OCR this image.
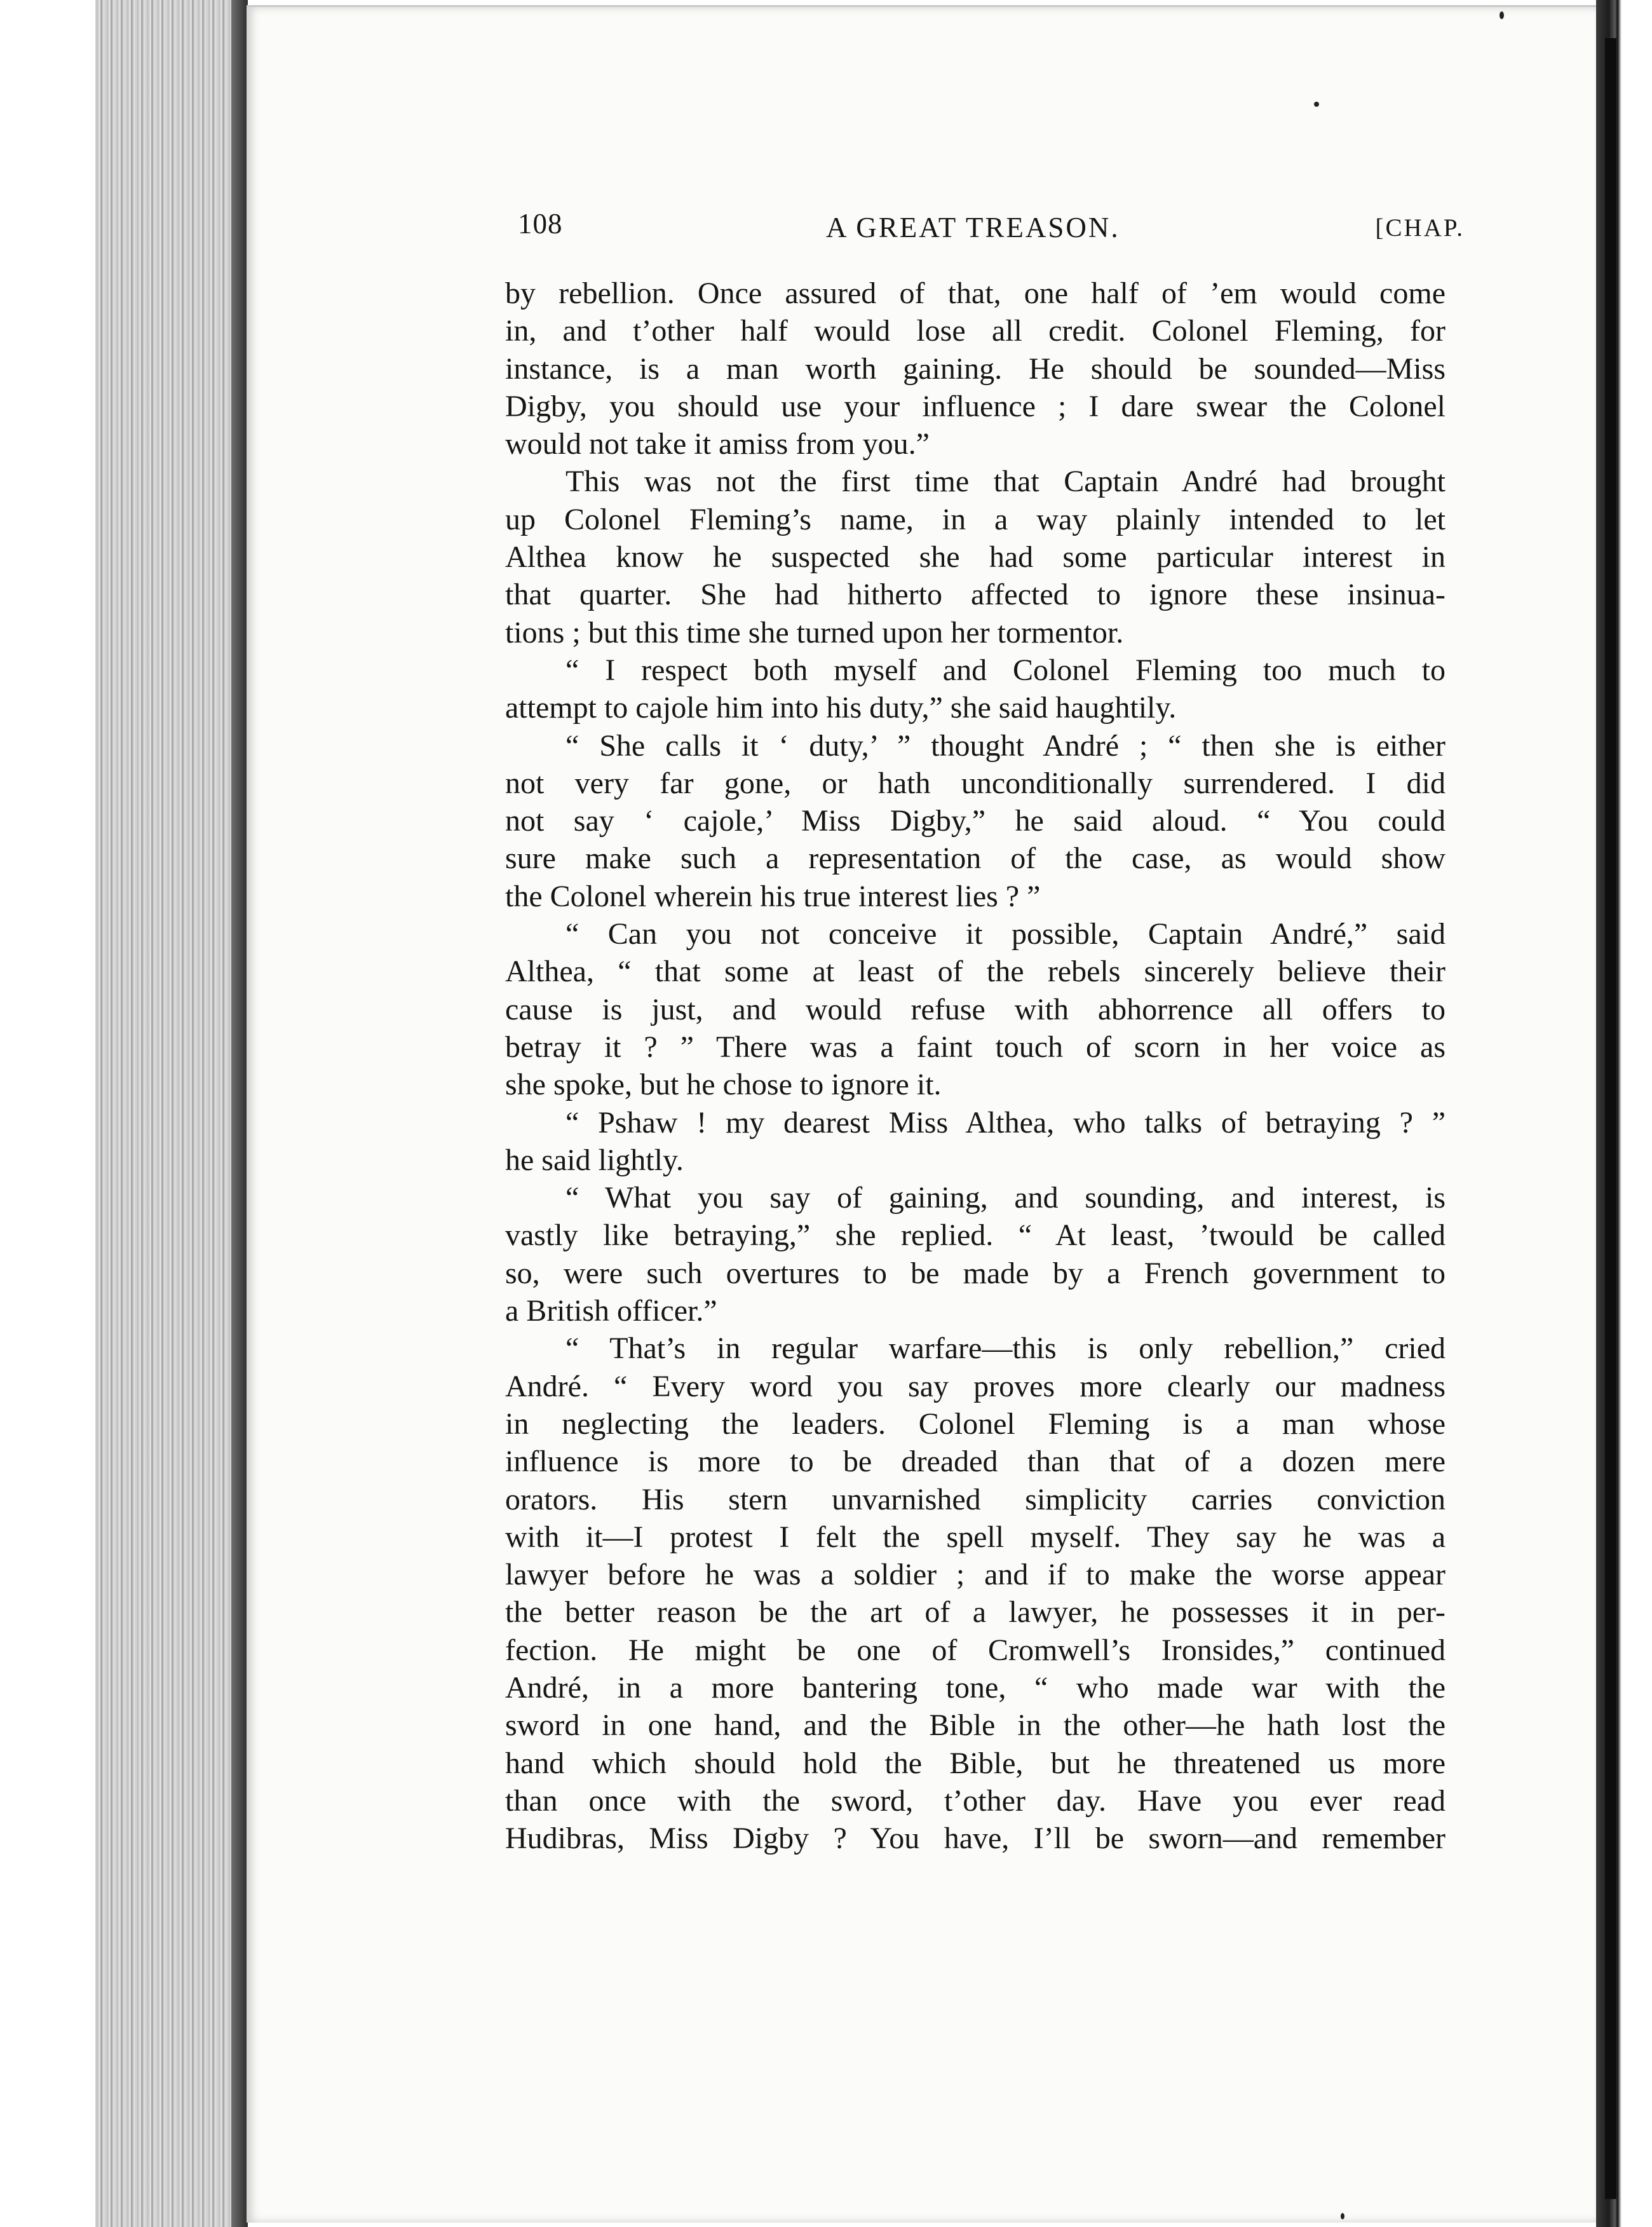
108	A GREAT TREASON.	[CHAP.
by rebellion. Once assured of that, one half of ’em would come
in, and t’other half would lose all credit. Colonel Fleming, for
instance, is a man worth gaining. He should be sounded—Miss
Digby, you should use your influence ; I dare swear the Colonel
would not take it amiss from you.”
This was not the first time that Captain André had brought
up Colonel Fleming’s name, in a way plainly intended to let
Althea know he suspected she had some particular interest in
that quarter. She had hitherto affected to ignore these insinua-
tions ; but this time she turned upon her tormentor.
“ I respect both myself and Colonel Fleming too much to
attempt to cajole him into his duty,” she said haughtily.
“ She calls it ‘ duty,’ ” thought André ; “ then she is either
not very far gone, or hath unconditionally surrendered. I did
not say ‘ cajole,’ Miss Digby,” he said aloud. “ You could
sure make such a representation of the case, as would show
the Colonel wherein his true interest lies ? ”
“ Can you not conceive it possible, Captain André,” said
Althea, “ that some at least of the rebels sincerely believe their
cause is just, and would refuse with abhorrence all offers to
betray it ? ” There was a faint touch of scorn in her voice as
she spoke, but he chose to ignore it.
“ Pshaw ! my dearest Miss Althea, who talks of betraying ? ”
he said lightly.
“ What you say of gaining, and sounding, and interest, is
vastly like betraying,” she replied. “ At least, ’twould be called
so, were such overtures to be made by a French government to
a British officer.”
“ That’s in regular warfare—this is only rebellion,” cried
André. “ Every word you say proves more clearly our madness
in neglecting the leaders. Colonel Fleming is a man whose
influence is more to be dreaded than that of a dozen mere
orators. His stern unvarnished simplicity carries conviction
with it—I protest I felt the spell myself. They say he was a
lawyer before he was a soldier ; and if to make the worse appear
the better reason be the art of a lawyer, he possesses it in per-
fection. He might be one of Cromwell’s Ironsides,” continued
André, in a more bantering tone, “ who made war with the
sword in one hand, and the Bible in the other—he hath lost the
hand which should hold the Bible, but he threatened us more
than once with the sword, t’other day. Have you ever read
Hudibras, Miss Digby ? You have, I’ll be sworn—and remember
